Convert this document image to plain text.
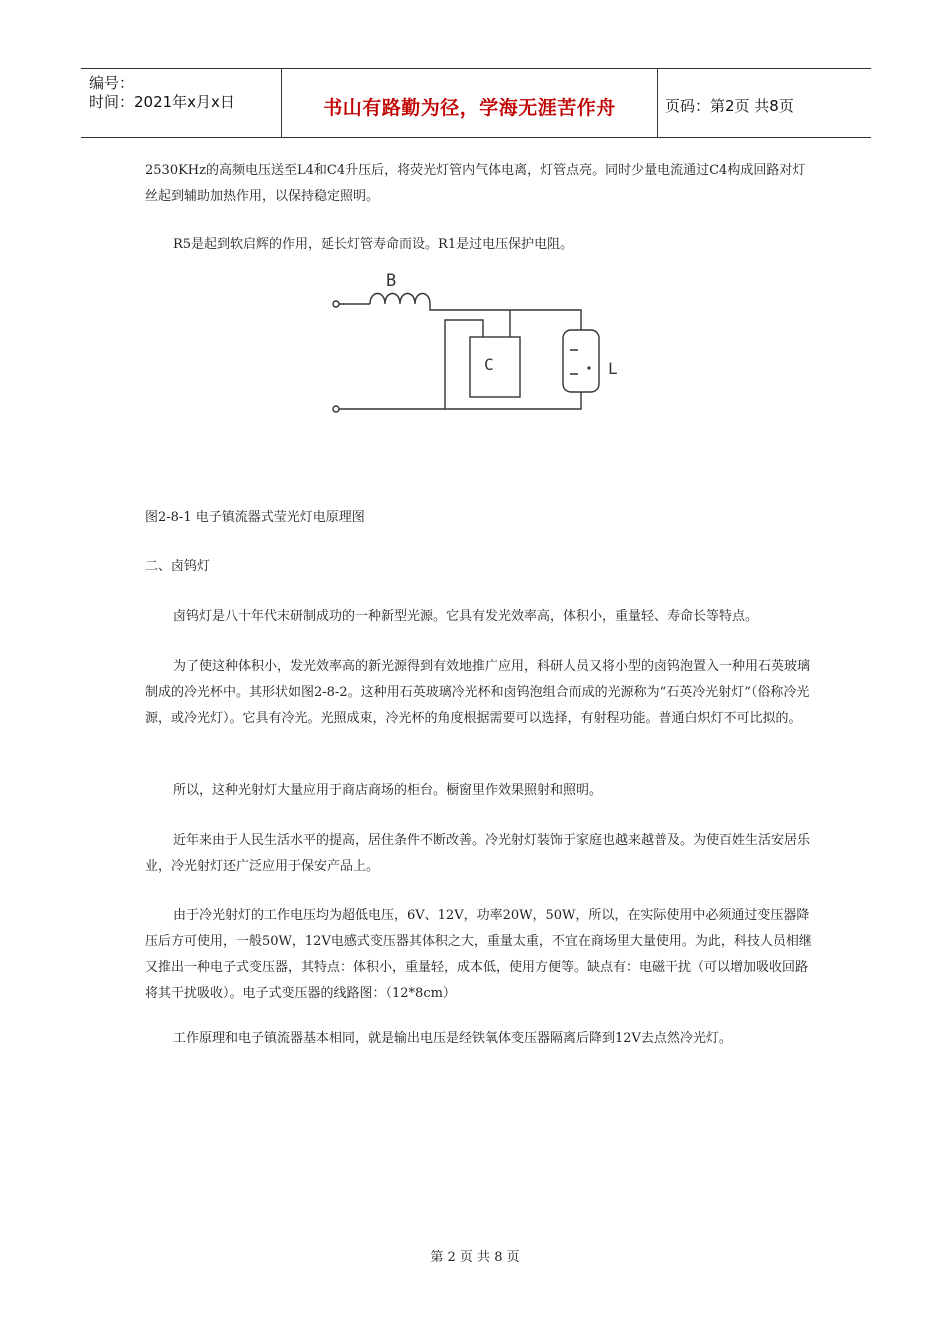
编号：
时间：2021年x月x日	书山有路勤为径，学海无涯苦作舟	页码：第2页 共8页

2530KHz的高频电压送至L4和C4升压后，将荧光灯管内气体电离，灯管点亮。同时少量电流通过C4构成回路对灯丝起到辅助加热作用，以保持稳定照明。

R5是起到软启辉的作用，延长灯管寿命而设。R1是过电压保护电阻。

B
C	L

图2-8-1 电子镇流器式莹光灯电原理图

二、卤钨灯

卤钨灯是八十年代末研制成功的一种新型光源。它具有发光效率高，体积小，重量轻、寿命长等特点。

为了使这种体积小，发光效率高的新光源得到有效地推广应用，科研人员又将小型的卤钨泡置入一种用石英玻璃制成的冷光杯中。其形状如图2-8-2。这种用石英玻璃冷光杯和卤钨泡组合而成的光源称为“石英冷光射灯”（俗称冷光源，或冷光灯）。它具有冷光。光照成束，冷光杯的角度根据需要可以选择，有射程功能。普通白炽灯不可比拟的。

所以，这种光射灯大量应用于商店商场的柜台。橱窗里作效果照射和照明。

近年来由于人民生活水平的提高，居住条件不断改善。冷光射灯装饰于家庭也越来越普及。为使百姓生活安居乐业，冷光射灯还广泛应用于保安产品上。

由于冷光射灯的工作电压均为超低电压，6V、12V，功率20W，50W，所以，在实际使用中必须通过变压器降压后方可使用，一般50W，12V电感式变压器其体积之大，重量太重，不宜在商场里大量使用。为此，科技人员相继又推出一种电子式变压器，其特点：体积小，重量轻，成本低，使用方便等。缺点有：电磁干扰（可以增加吸收回路将其干扰吸收）。电子式变压器的线路图：（12*8cm）

工作原理和电子镇流器基本相同，就是输出电压是经铁氧体变压器隔离后降到12V去点然冷光灯。

第 2 页 共 8 页
